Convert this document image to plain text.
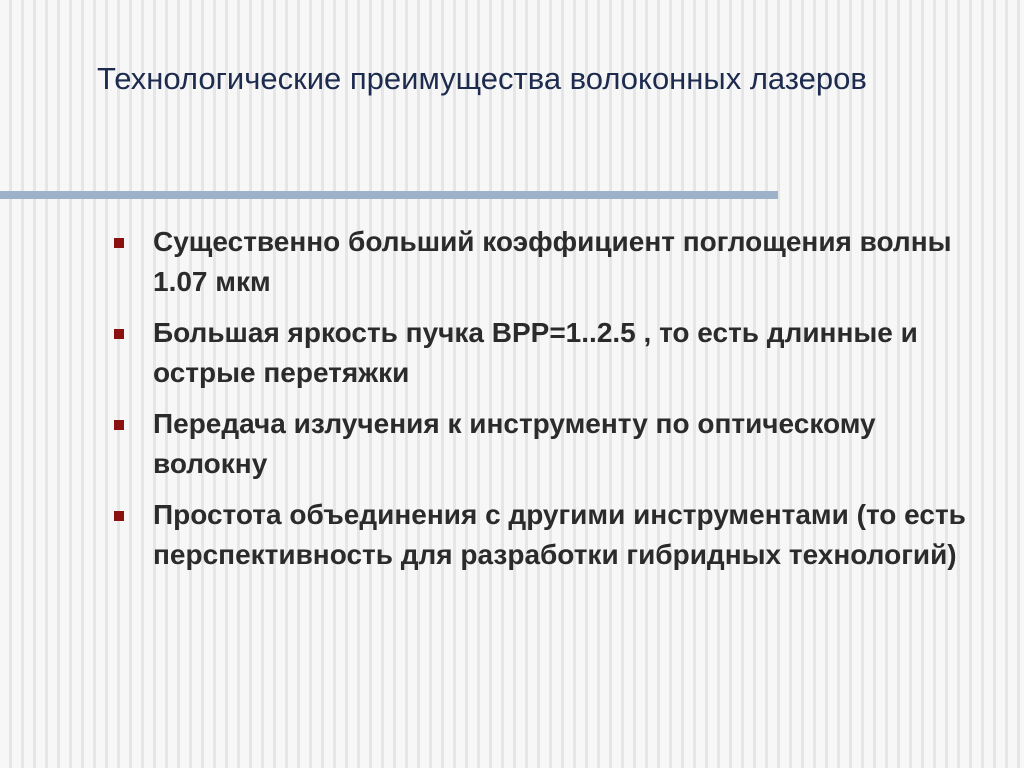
Технологические преимущества волоконных лазеров
Существенно больший коэффициент поглощения волны 1.07 мкм
Большая яркость пучка ВРР=1..2.5 , то есть длинные и острые перетяжки
Передача излучения к инструменту по оптическому волокну
Простота объединения с другими инструментами (то есть перспективность для разработки гибридных технологий)
